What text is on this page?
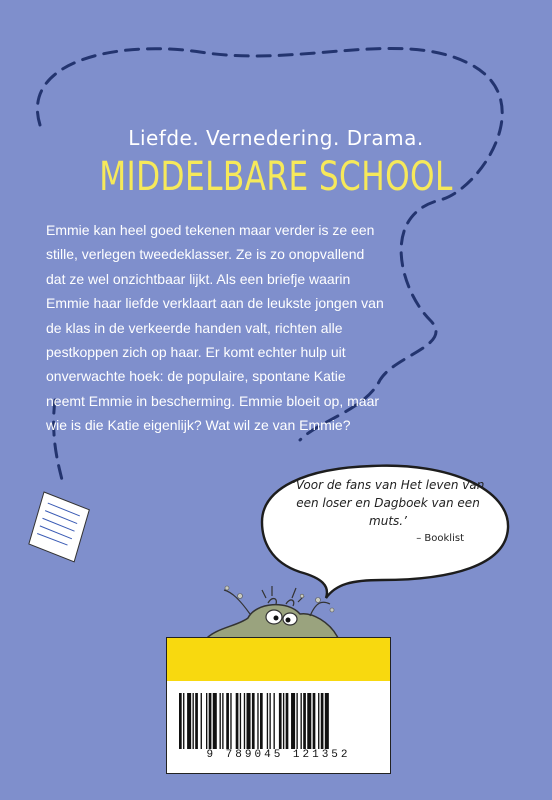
Liefde. Vernedering. Drama.
MIDDELBARE SCHOOL

Emmie kan heel goed tekenen maar verder is ze een stille, verlegen tweedeklasser. Ze is zo onopvallend dat ze wel onzichtbaar lijkt. Als een briefje waarin Emmie haar liefde verklaart aan de leukste jongen van de klas in de verkeerde handen valt, richten alle pestkoppen zich op haar. Er komt echter hulp uit onverwachte hoek: de populaire, spontane Katie neemt Emmie in bescherming. Emmie bloeit op, maar wie is die Katie eigenlijk? Wat wil ze van Emmie?

‘Voor de fans van Het leven van een loser en Dagboek van een muts.’
– Booklist
9 789045 121352
